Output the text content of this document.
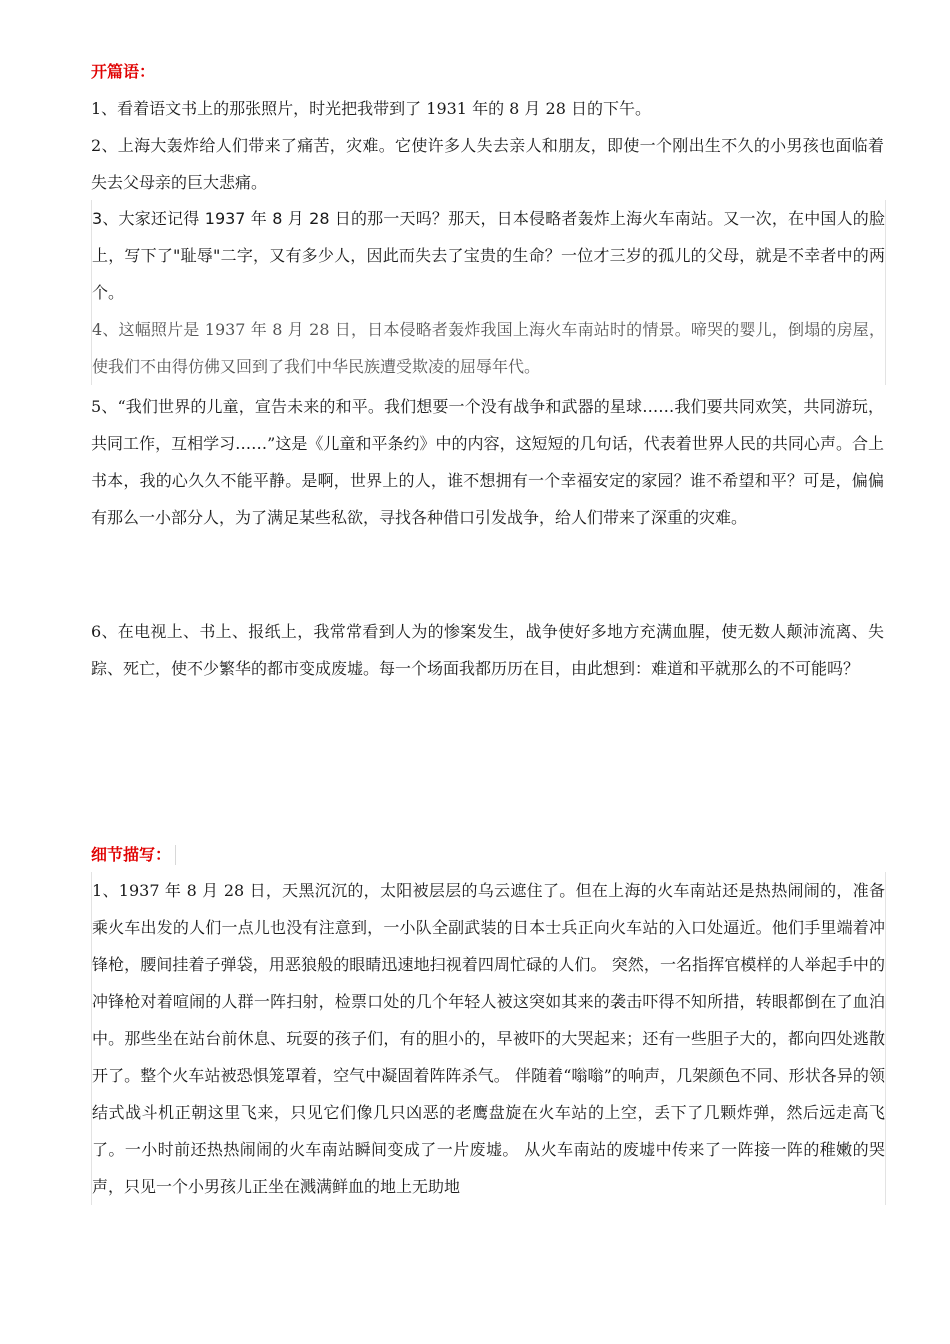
开篇语：
1、看着语文书上的那张照片，时光把我带到了 1931 年的 8 月 28 日的下午。
2、上海大轰炸给人们带来了痛苦，灾难。它使许多人失去亲人和朋友，即使一个刚出生不久的小男孩也面临着失去父母亲的巨大悲痛。
3、大家还记得 1937 年 8 月 28 日的那一天吗？那天，日本侵略者轰炸上海火车南站。又一次，在中国人的脸上，写下了"耻辱"二字，又有多少人，因此而失去了宝贵的生命？一位才三岁的孤儿的父母，就是不幸者中的两个。
4、这幅照片是 1937 年 8 月 28 日，日本侵略者轰炸我国上海火车南站时的情景。啼哭的婴儿，倒塌的房屋，使我们不由得仿佛又回到了我们中华民族遭受欺凌的屈辱年代。
5、“我们世界的儿童，宣告未来的和平。我们想要一个没有战争和武器的星球……我们要共同欢笑，共同游玩，共同工作，互相学习……”这是《儿童和平条约》中的内容，这短短的几句话，代表着世界人民的共同心声。合上书本，我的心久久不能平静。是啊，世界上的人，谁不想拥有一个幸福安定的家园？谁不希望和平？可是，偏偏有那么一小部分人，为了满足某些私欲，寻找各种借口引发战争，给人们带来了深重的灾难。
6、在电视上、书上、报纸上，我常常看到人为的惨案发生，战争使好多地方充满血腥，使无数人颠沛流离、失踪、死亡，使不少繁华的都市变成废墟。每一个场面我都历历在目，由此想到：难道和平就那么的不可能吗？
细节描写：
1、1937 年 8 月 28 日，天黑沉沉的，太阳被层层的乌云遮住了。但在上海的火车南站还是热热闹闹的，准备乘火车出发的人们一点儿也没有注意到，一小队全副武装的日本士兵正向火车站的入口处逼近。他们手里端着冲锋枪，腰间挂着子弹袋，用恶狼般的眼睛迅速地扫视着四周忙碌的人们。 突然，一名指挥官模样的人举起手中的冲锋枪对着喧闹的人群一阵扫射，检票口处的几个年轻人被这突如其来的袭击吓得不知所措，转眼都倒在了血泊中。那些坐在站台前休息、玩耍的孩子们，有的胆小的，早被吓的大哭起来；还有一些胆子大的，都向四处逃散开了。整个火车站被恐惧笼罩着，空气中凝固着阵阵杀气。 伴随着“嗡嗡”的响声，几架颜色不同、形状各异的领结式战斗机正朝这里飞来，只见它们像几只凶恶的老鹰盘旋在火车站的上空，丢下了几颗炸弹，然后远走高飞了。一小时前还热热闹闹的火车南站瞬间变成了一片废墟。 从火车南站的废墟中传来了一阵接一阵的稚嫩的哭声，只见一个小男孩儿正坐在溅满鲜血的地上无助地
